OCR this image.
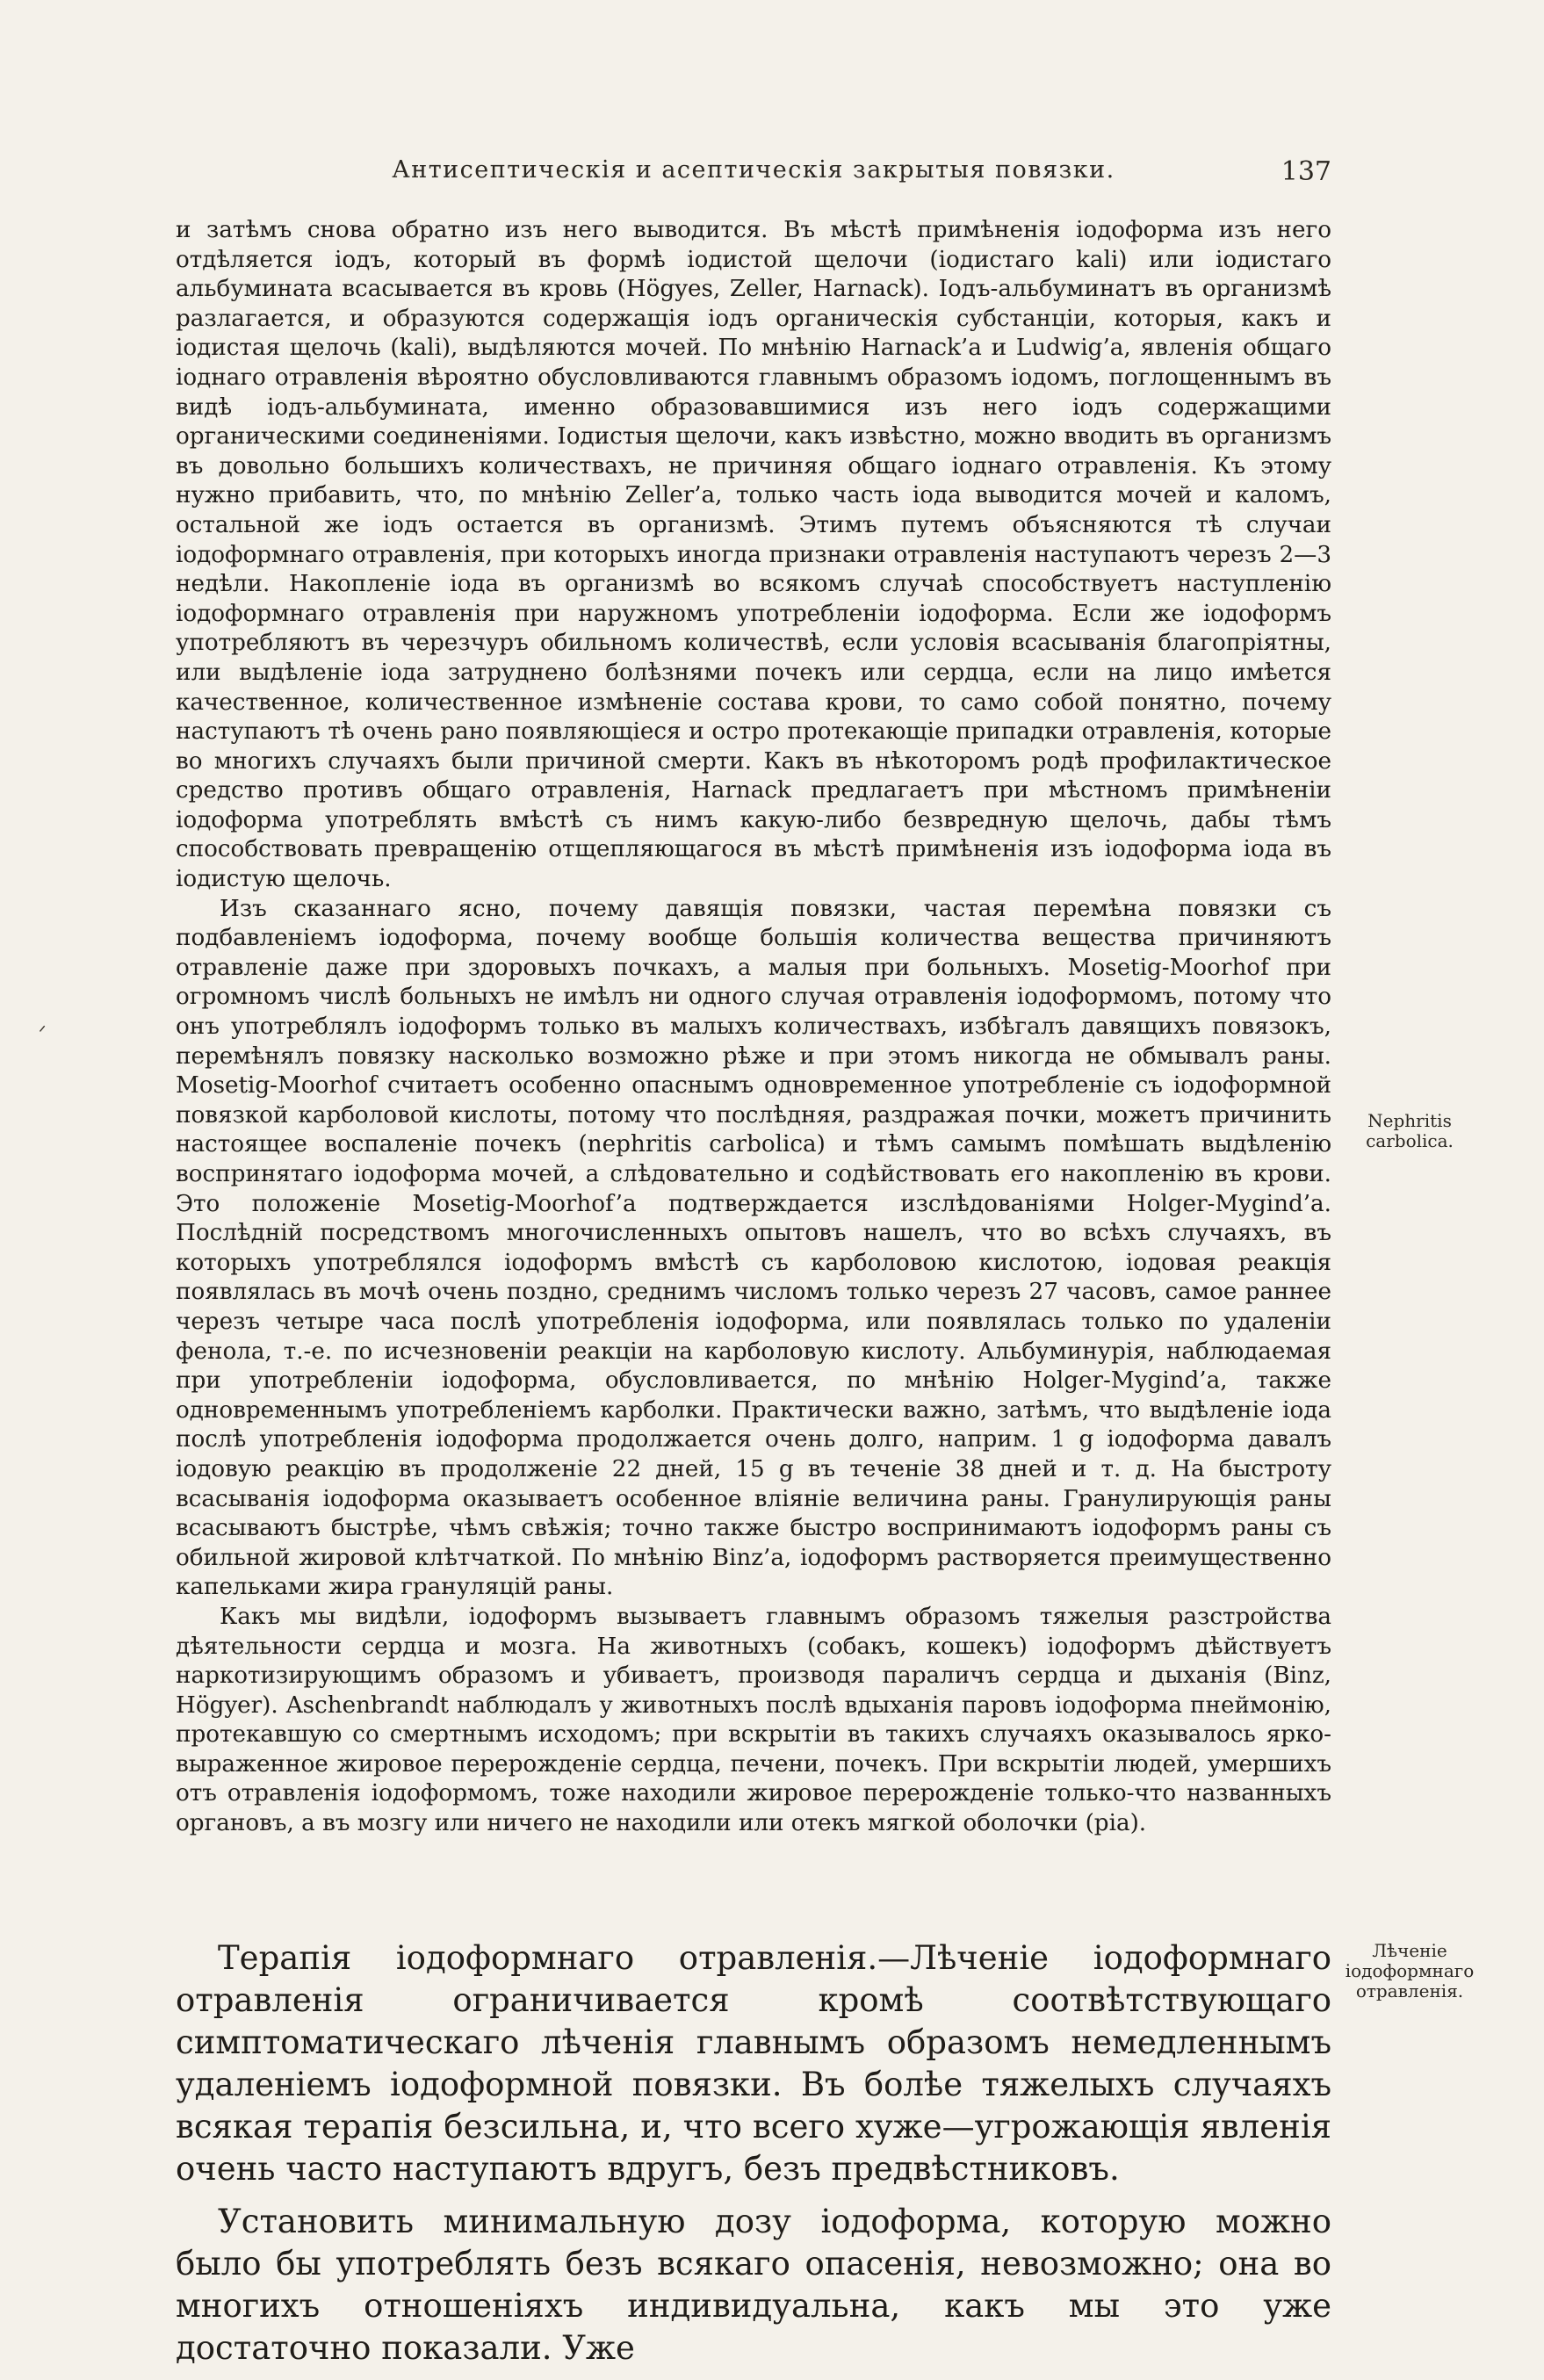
Антисептическія и асептическія закрытыя повязки.	137

и затѣмъ снова обратно изъ него выводится. Въ мѣстѣ примѣненія іодоформа изъ него отдѣляется іодъ, который въ формѣ іодистой щелочи (іодистаго kali) или іодистаго альбумината всасывается въ кровь (Högyes, Zeller, Harnack). Іодъ-альбуминатъ въ организмѣ разлагается, и образуются содержащія іодъ органическія субстанціи, которыя, какъ и іодистая щелочь (kali), выдѣляются мочей. По мнѣнію Harnack’a и Ludwig’a, явленія общаго іоднаго отравленія вѣроятно обусловливаются главнымъ образомъ іодомъ, поглощеннымъ въ видѣ іодъ-альбумината, именно образовавшимися изъ него іодъ содержащими органическими соединеніями. Іодистыя щелочи, какъ извѣстно, можно вводить въ организмъ въ довольно большихъ количествахъ, не причиняя общаго іоднаго отравленія. Къ этому нужно прибавить, что, по мнѣнію Zeller’a, только часть іода выводится мочей и каломъ, остальной же іодъ остается въ организмѣ. Этимъ путемъ объясняются тѣ случаи іодоформнаго отравленія, при которыхъ иногда признаки отравленія наступаютъ черезъ 2—3 недѣли. Накопленіе іода въ организмѣ во всякомъ случаѣ способствуетъ наступленію іодоформнаго отравленія при наружномъ употребленіи іодоформа. Если же іодоформъ употребляютъ въ черезчуръ обильномъ количествѣ, если условія всасыванія благопріятны, или выдѣленіе іода затруднено болѣзнями почекъ или сердца, если на лицо имѣется качественное, количественное измѣненіе состава крови, то само собой понятно, почему наступаютъ тѣ очень рано появляющіеся и остро протекающіе припадки отравленія, которые во многихъ случаяхъ были причиной смерти. Какъ въ нѣкоторомъ родѣ профилактическое средство противъ общаго отравленія, Harnack предлагаетъ при мѣстномъ примѣненіи іодоформа употреблять вмѣстѣ съ нимъ какую-либо безвредную щелочь, дабы тѣмъ способствовать превращенію отщепляющагося въ мѣстѣ примѣненія изъ іодоформа іода въ іодистую щелочь.

Изъ сказаннаго ясно, почему давящія повязки, частая перемѣна повязки съ подбавленіемъ іодоформа, почему вообще большія количества вещества причиняютъ отравленіе даже при здоровыхъ почкахъ, а малыя при больныхъ. Mosetig-Moorhof при огромномъ числѣ больныхъ не имѣлъ ни одного случая отравленія іодоформомъ, потому что онъ употреблялъ іодоформъ только въ малыхъ количествахъ, избѣгалъ давящихъ повязокъ, перемѣнялъ повязку насколько возможно рѣже и при этомъ никогда не обмывалъ раны. Mosetig-Moorhof считаетъ особенно опаснымъ одновременное употребленіе съ іодоформной повязкой карболовой кислоты, потому что послѣдняя, раздражая почки, можетъ причинить настоящее воспаленіе почекъ (nephritis carbolica) и тѣмъ самымъ помѣшать выдѣленію воспринятаго іодоформа мочей, а слѣдовательно и содѣйствовать его накопленію въ крови. Это положеніе Mosetig-Moorhof’a подтверждается изслѣдованіями Holger-Mygind’a. Послѣдній посредствомъ многочисленныхъ опытовъ нашелъ, что во всѣхъ случаяхъ, въ которыхъ употреблялся іодоформъ вмѣстѣ съ карболовою кислотою, іодовая реакція появлялась въ мочѣ очень поздно, среднимъ числомъ только черезъ 27 часовъ, самое раннее черезъ четыре часа послѣ употребленія іодоформа, или появлялась только по удаленіи фенола, т.-е. по исчезновеніи реакціи на карболовую кислоту. Альбуминурія, наблюдаемая при употребленіи іодоформа, обусловливается, по мнѣнію Holger-Mygind’a, также одновременнымъ употребленіемъ карболки. Практически важно, затѣмъ, что выдѣленіе іода послѣ употребленія іодоформа продолжается очень долго, наприм. 1 g іодоформа давалъ іодовую реакцію въ продолженіе 22 дней, 15 g въ теченіе 38 дней и т. д. На быстроту всасыванія іодоформа оказываетъ особенное вліяніе величина раны. Гранулирующія раны всасываютъ быстрѣе, чѣмъ свѣжія; точно также быстро воспринимаютъ іодоформъ раны съ обильной жировой клѣтчаткой. По мнѣнію Binz’a, іодоформъ растворяется преимущественно капельками жира грануляцій раны.

Какъ мы видѣли, іодоформъ вызываетъ главнымъ образомъ тяжелыя разстройства дѣятельности сердца и мозга. На животныхъ (собакъ, кошекъ) іодоформъ дѣйствуетъ наркотизирующимъ образомъ и убиваетъ, производя параличъ сердца и дыханія (Binz, Högyer). Aschenbrandt наблюдалъ у животныхъ послѣ вдыханія паровъ іодоформа пнеймонію, протекавшую со смертнымъ исходомъ; при вскрытіи въ такихъ случаяхъ оказывалось ярко-выраженное жировое перерожденіе сердца, печени, почекъ. При вскрытіи людей, умершихъ отъ отравленія іодоформомъ, тоже находили жировое перерожденіе только-что названныхъ органовъ, а въ мозгу или ничего не находили или отекъ мягкой оболочки (pia).

Nephritis carbolica.

Терапія іодоформнаго отравленія.—Лѣченіе іодоформнаго отравленія ограничивается кромѣ соотвѣтствующаго симптоматическаго лѣченія главнымъ образомъ немедленнымъ удаленіемъ іодоформной повязки. Въ болѣе тяжелыхъ случаяхъ всякая терапія безсильна, и, что всего хуже—угрожающія явленія очень часто наступаютъ вдругъ, безъ предвѣстниковъ.

Установить минимальную дозу іодоформа, которую можно было бы употреблять безъ всякаго опасенія, невозможно; она во многихъ отношеніяхъ индивидуальна, какъ мы это уже достаточно показали. Уже

Лѣченіе іодоформнаго отравленія.
ᐟ
